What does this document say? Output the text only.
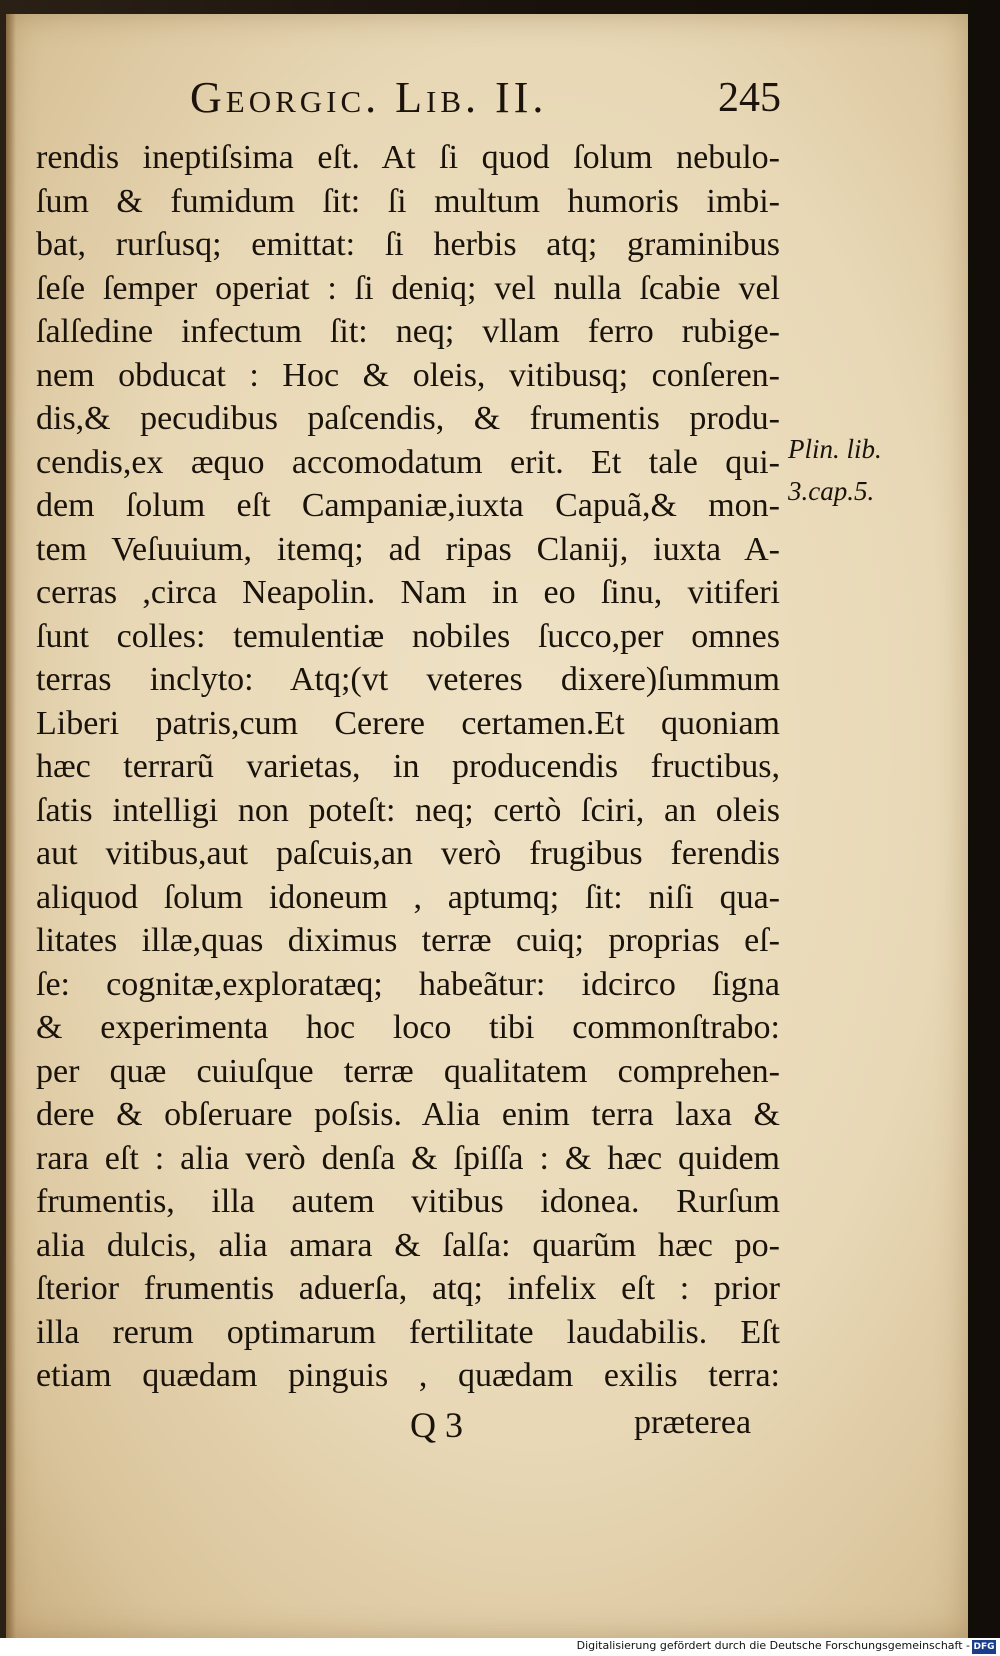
Georgic. Lib. II.	245
rendis ineptiſsima eſt. At ſi quod ſolum nebulo-
ſum & fumidum ſit: ſi multum humoris imbi-
bat, rurſusq; emittat: ſi herbis atq; graminibus
ſeſe ſemper operiat : ſi deniq; vel nulla ſcabie vel
ſalſedine infectum ſit: neq; vllam ferro rubige-
nem obducat : Hoc & oleis, vitibusq; conſeren-
dis,& pecudibus paſcendis, & frumentis produ-
cendis,ex æquo accomodatum erit. Et tale qui-
dem ſolum eſt Campaniæ,iuxta Capuã,& mon-
tem Veſuuium, itemq; ad ripas Clanij, iuxta A-
cerras ,circa Neapolin. Nam in eo ſinu, vitiferi
ſunt colles: temulentiæ nobiles ſucco,per omnes
terras inclyto: Atq;(vt veteres dixere)ſummum
Liberi patris,cum Cerere certamen.Et quoniam
hæc terrarũ varietas, in producendis fructibus,
ſatis intelligi non poteſt: neq; certò ſciri, an oleis
aut vitibus,aut paſcuis,an verò frugibus ferendis
aliquod ſolum idoneum , aptumq; ſit: niſi qua-
litates illæ,quas diximus terræ cuiq; proprias eſ-
ſe: cognitæ,exploratæq; habeãtur: idcirco ſigna
& experimenta hoc loco tibi commonſtrabo:
per quæ cuiuſque terræ qualitatem comprehen-
dere & obſeruare poſsis. Alia enim terra laxa &
rara eſt : alia verò denſa & ſpiſſa : & hæc quidem
frumentis, illa autem vitibus idonea. Rurſum
alia dulcis, alia amara & ſalſa: quarũm hæc po-
ſterior frumentis aduerſa, atq; infelix eſt : prior
illa rerum optimarum fertilitate laudabilis. Eſt
etiam quædam pinguis , quædam exilis terra:
Plin. lib.
3.cap.5.
Q 3	præterea
Digitalisierung gefördert durch die Deutsche Forschungsgemeinschaft - DFG
